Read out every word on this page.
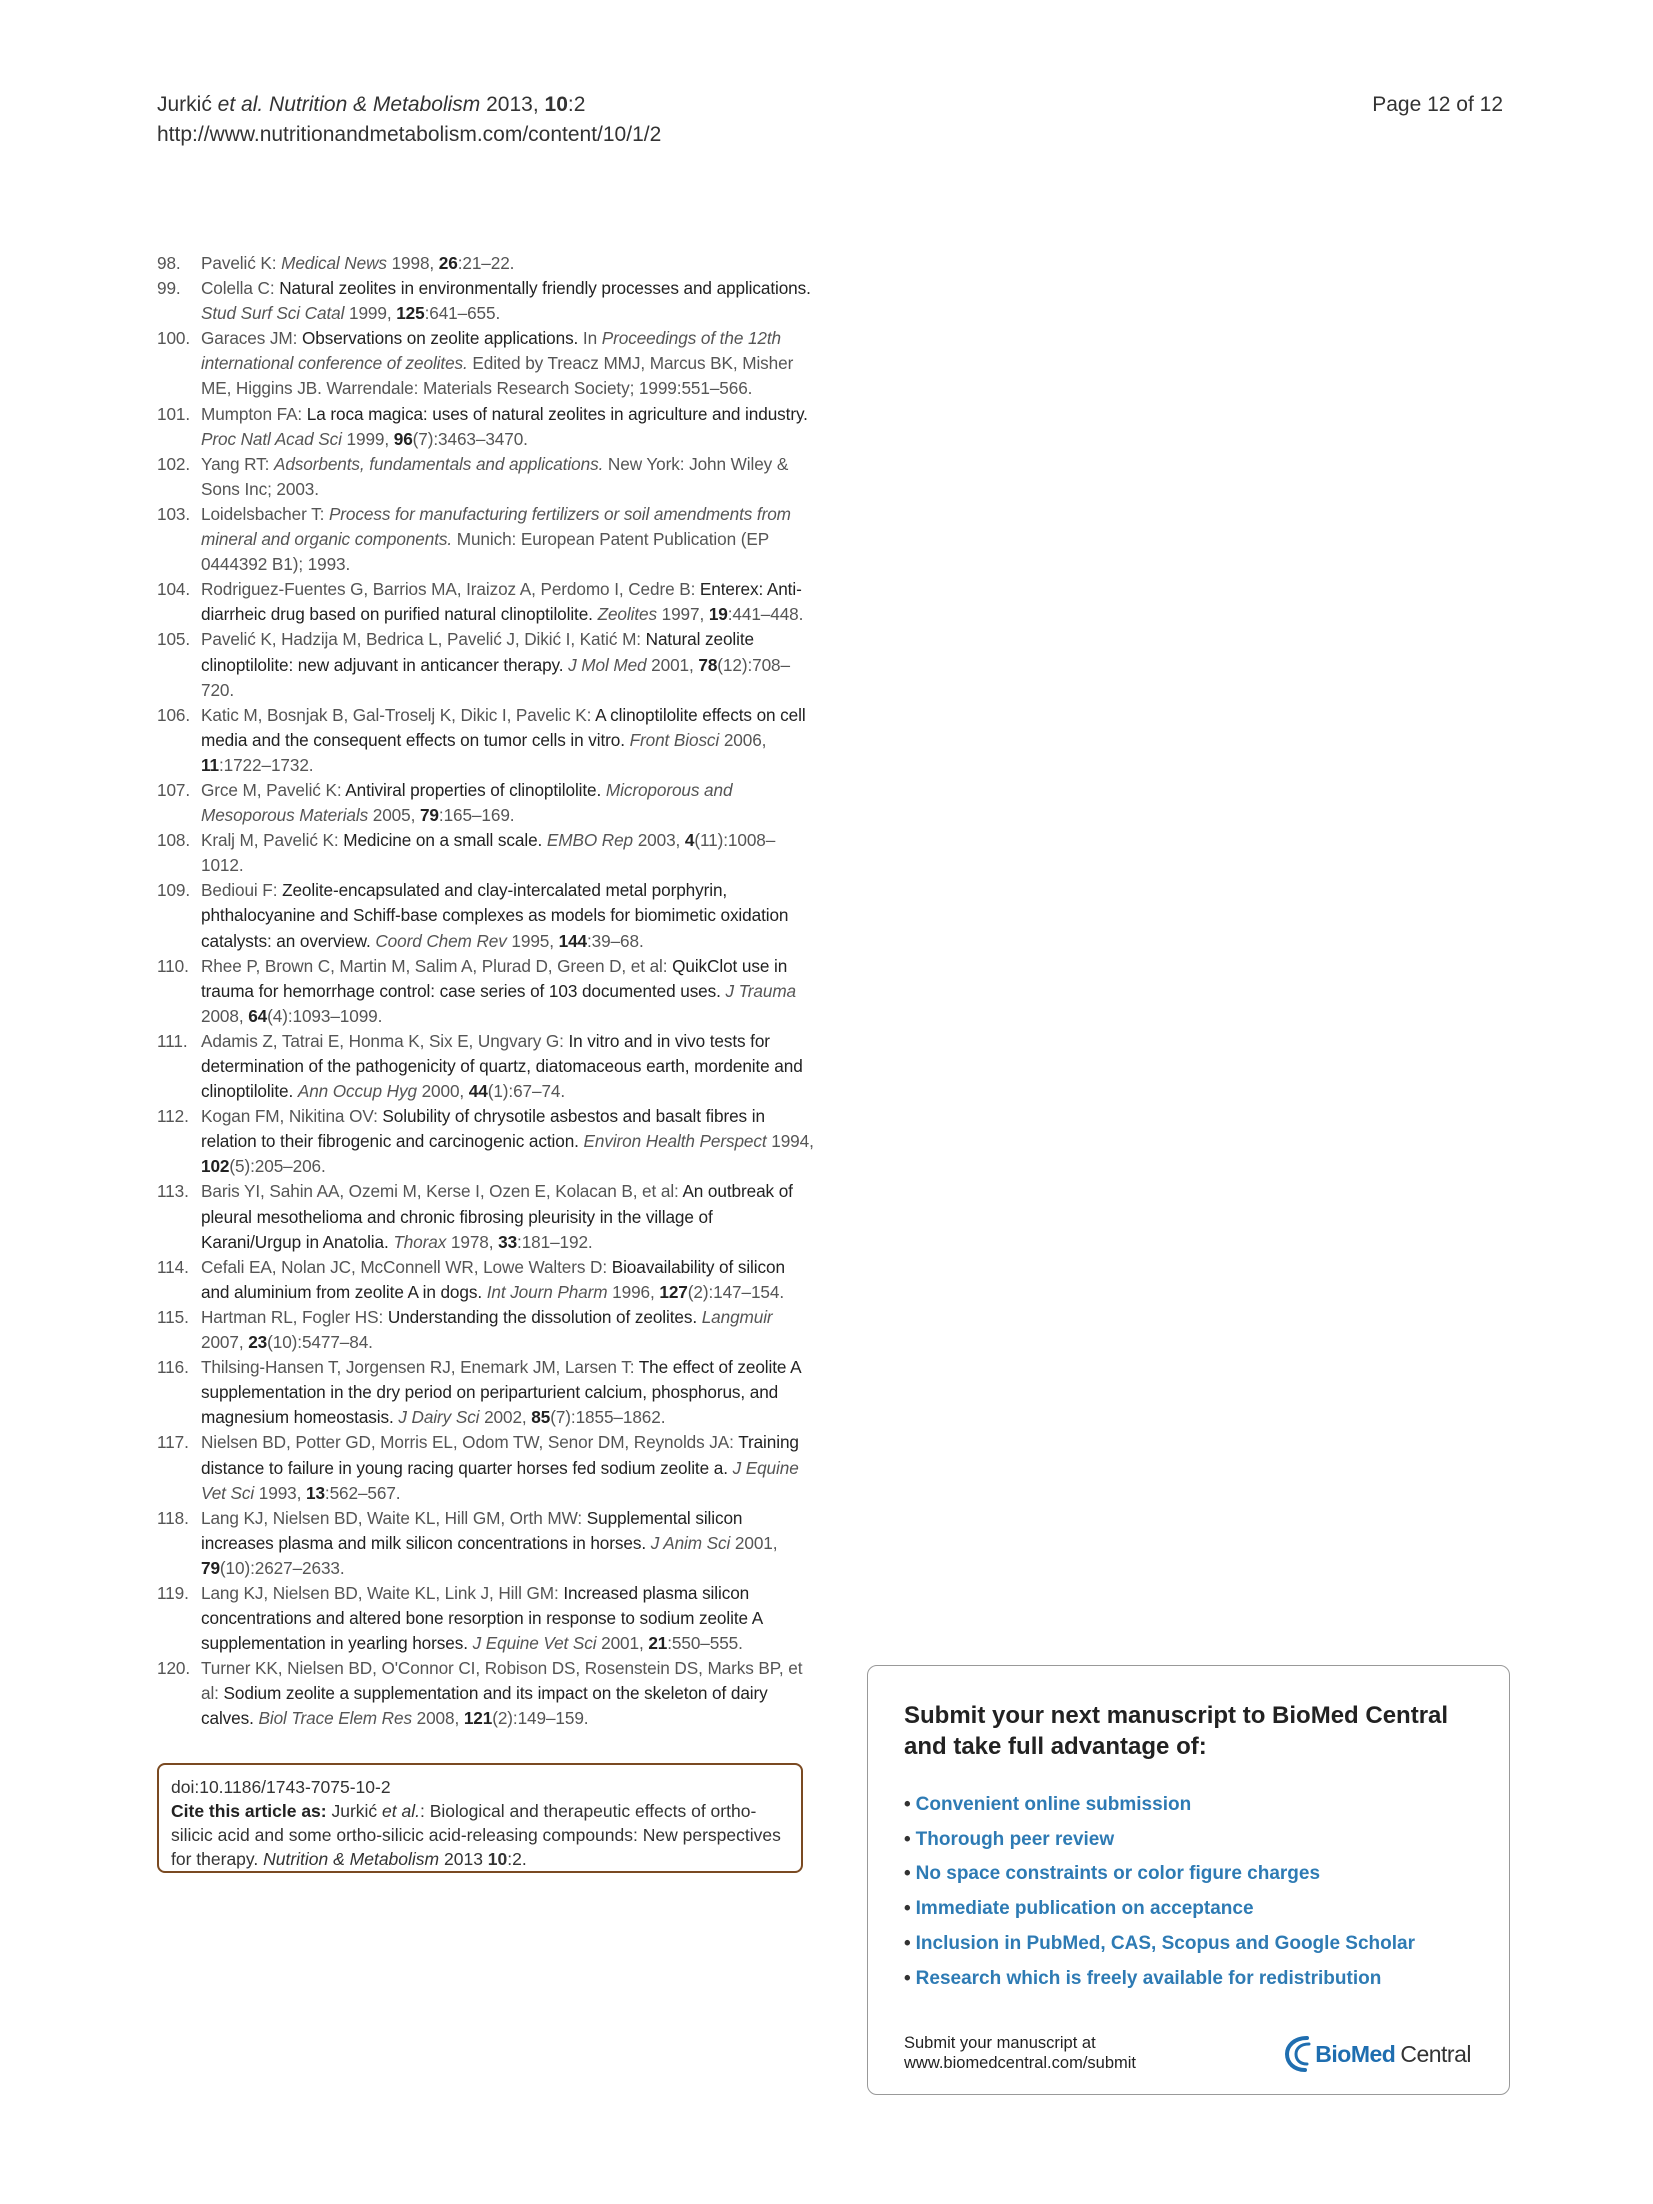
Jurkić et al. Nutrition & Metabolism 2013, 10:2
http://www.nutritionandmetabolism.com/content/10/1/2
Page 12 of 12
98. Pavelić K: Medical News 1998, 26:21–22.
99. Colella C: Natural zeolites in environmentally friendly processes and applications. Stud Surf Sci Catal 1999, 125:641–655.
100. Garaces JM: Observations on zeolite applications. In Proceedings of the 12th international conference of zeolites. Edited by Treacz MMJ, Marcus BK, Misher ME, Higgins JB. Warrendale: Materials Research Society; 1999:551–566.
101. Mumpton FA: La roca magica: uses of natural zeolites in agriculture and industry. Proc Natl Acad Sci 1999, 96(7):3463–3470.
102. Yang RT: Adsorbents, fundamentals and applications. New York: John Wiley & Sons Inc; 2003.
103. Loidelsbacher T: Process for manufacturing fertilizers or soil amendments from mineral and organic components. Munich: European Patent Publication (EP 0444392 B1); 1993.
104. Rodriguez-Fuentes G, Barrios MA, Iraizoz A, Perdomo I, Cedre B: Enterex: Anti-diarrheic drug based on purified natural clinoptilolite. Zeolites 1997, 19:441–448.
105. Pavelić K, Hadzija M, Bedrica L, Pavelić J, Dikić I, Katić M: Natural zeolite clinoptilolite: new adjuvant in anticancer therapy. J Mol Med 2001, 78(12):708–720.
106. Katic M, Bosnjak B, Gal-Troselj K, Dikic I, Pavelic K: A clinoptilolite effects on cell media and the consequent effects on tumor cells in vitro. Front Biosci 2006, 11:1722–1732.
107. Grce M, Pavelić K: Antiviral properties of clinoptilolite. Microporous and Mesoporous Materials 2005, 79:165–169.
108. Kralj M, Pavelić K: Medicine on a small scale. EMBO Rep 2003, 4(11):1008–1012.
109. Bedioui F: Zeolite-encapsulated and clay-intercalated metal porphyrin, phthalocyanine and Schiff-base complexes as models for biomimetic oxidation catalysts: an overview. Coord Chem Rev 1995, 144:39–68.
110. Rhee P, Brown C, Martin M, Salim A, Plurad D, Green D, et al: QuikClot use in trauma for hemorrhage control: case series of 103 documented uses. J Trauma 2008, 64(4):1093–1099.
111. Adamis Z, Tatrai E, Honma K, Six E, Ungvary G: In vitro and in vivo tests for determination of the pathogenicity of quartz, diatomaceous earth, mordenite and clinoptilolite. Ann Occup Hyg 2000, 44(1):67–74.
112. Kogan FM, Nikitina OV: Solubility of chrysotile asbestos and basalt fibres in relation to their fibrogenic and carcinogenic action. Environ Health Perspect 1994, 102(5):205–206.
113. Baris YI, Sahin AA, Ozemi M, Kerse I, Ozen E, Kolacan B, et al: An outbreak of pleural mesothelioma and chronic fibrosing pleurisity in the village of Karani/Urgup in Anatolia. Thorax 1978, 33:181–192.
114. Cefali EA, Nolan JC, McConnell WR, Lowe Walters D: Bioavailability of silicon and aluminium from zeolite A in dogs. Int Journ Pharm 1996, 127(2):147–154.
115. Hartman RL, Fogler HS: Understanding the dissolution of zeolites. Langmuir 2007, 23(10):5477–84.
116. Thilsing-Hansen T, Jorgensen RJ, Enemark JM, Larsen T: The effect of zeolite A supplementation in the dry period on periparturient calcium, phosphorus, and magnesium homeostasis. J Dairy Sci 2002, 85(7):1855–1862.
117. Nielsen BD, Potter GD, Morris EL, Odom TW, Senor DM, Reynolds JA: Training distance to failure in young racing quarter horses fed sodium zeolite a. J Equine Vet Sci 1993, 13:562–567.
118. Lang KJ, Nielsen BD, Waite KL, Hill GM, Orth MW: Supplemental silicon increases plasma and milk silicon concentrations in horses. J Anim Sci 2001, 79(10):2627–2633.
119. Lang KJ, Nielsen BD, Waite KL, Link J, Hill GM: Increased plasma silicon concentrations and altered bone resorption in response to sodium zeolite A supplementation in yearling horses. J Equine Vet Sci 2001, 21:550–555.
120. Turner KK, Nielsen BD, O'Connor CI, Robison DS, Rosenstein DS, Marks BP, et al: Sodium zeolite a supplementation and its impact on the skeleton of dairy calves. Biol Trace Elem Res 2008, 121(2):149–159.
doi:10.1186/1743-7075-10-2
Cite this article as: Jurkić et al.: Biological and therapeutic effects of ortho-silicic acid and some ortho-silicic acid-releasing compounds: New perspectives for therapy. Nutrition & Metabolism 2013 10:2.
Submit your next manuscript to BioMed Central and take full advantage of:
• Convenient online submission
• Thorough peer review
• No space constraints or color figure charges
• Immediate publication on acceptance
• Inclusion in PubMed, CAS, Scopus and Google Scholar
• Research which is freely available for redistribution
Submit your manuscript at
www.biomedcentral.com/submit	BioMed Central
